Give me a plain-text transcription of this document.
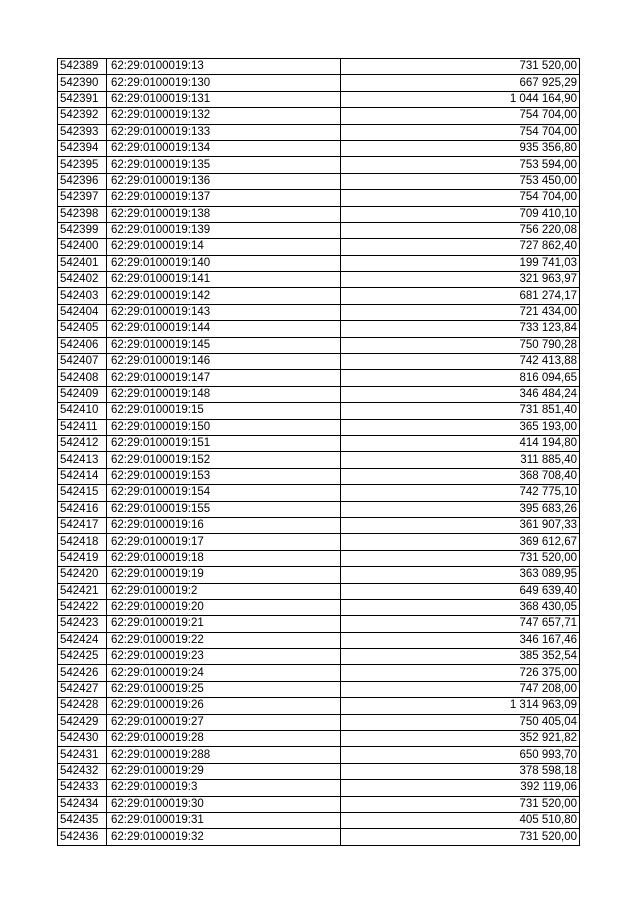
542389	62:29:0100019:13	731 520,00
542390	62:29:0100019:130	667 925,29
542391	62:29:0100019:131	1 044 164,90
542392	62:29:0100019:132	754 704,00
542393	62:29:0100019:133	754 704,00
542394	62:29:0100019:134	935 356,80
542395	62:29:0100019:135	753 594,00
542396	62:29:0100019:136	753 450,00
542397	62:29:0100019:137	754 704,00
542398	62:29:0100019:138	709 410,10
542399	62:29:0100019:139	756 220,08
542400	62:29:0100019:14	727 862,40
542401	62:29:0100019:140	199 741,03
542402	62:29:0100019:141	321 963,97
542403	62:29:0100019:142	681 274,17
542404	62:29:0100019:143	721 434,00
542405	62:29:0100019:144	733 123,84
542406	62:29:0100019:145	750 790,28
542407	62:29:0100019:146	742 413,88
542408	62:29:0100019:147	816 094,65
542409	62:29:0100019:148	346 484,24
542410	62:29:0100019:15	731 851,40
542411	62:29:0100019:150	365 193,00
542412	62:29:0100019:151	414 194,80
542413	62:29:0100019:152	311 885,40
542414	62:29:0100019:153	368 708,40
542415	62:29:0100019:154	742 775,10
542416	62:29:0100019:155	395 683,26
542417	62:29:0100019:16	361 907,33
542418	62:29:0100019:17	369 612,67
542419	62:29:0100019:18	731 520,00
542420	62:29:0100019:19	363 089,95
542421	62:29:0100019:2	649 639,40
542422	62:29:0100019:20	368 430,05
542423	62:29:0100019:21	747 657,71
542424	62:29:0100019:22	346 167,46
542425	62:29:0100019:23	385 352,54
542426	62:29:0100019:24	726 375,00
542427	62:29:0100019:25	747 208,00
542428	62:29:0100019:26	1 314 963,09
542429	62:29:0100019:27	750 405,04
542430	62:29:0100019:28	352 921,82
542431	62:29:0100019:288	650 993,70
542432	62:29:0100019:29	378 598,18
542433	62:29:0100019:3	392 119,06
542434	62:29:0100019:30	731 520,00
542435	62:29:0100019:31	405 510,80
542436	62:29:0100019:32	731 520,00
